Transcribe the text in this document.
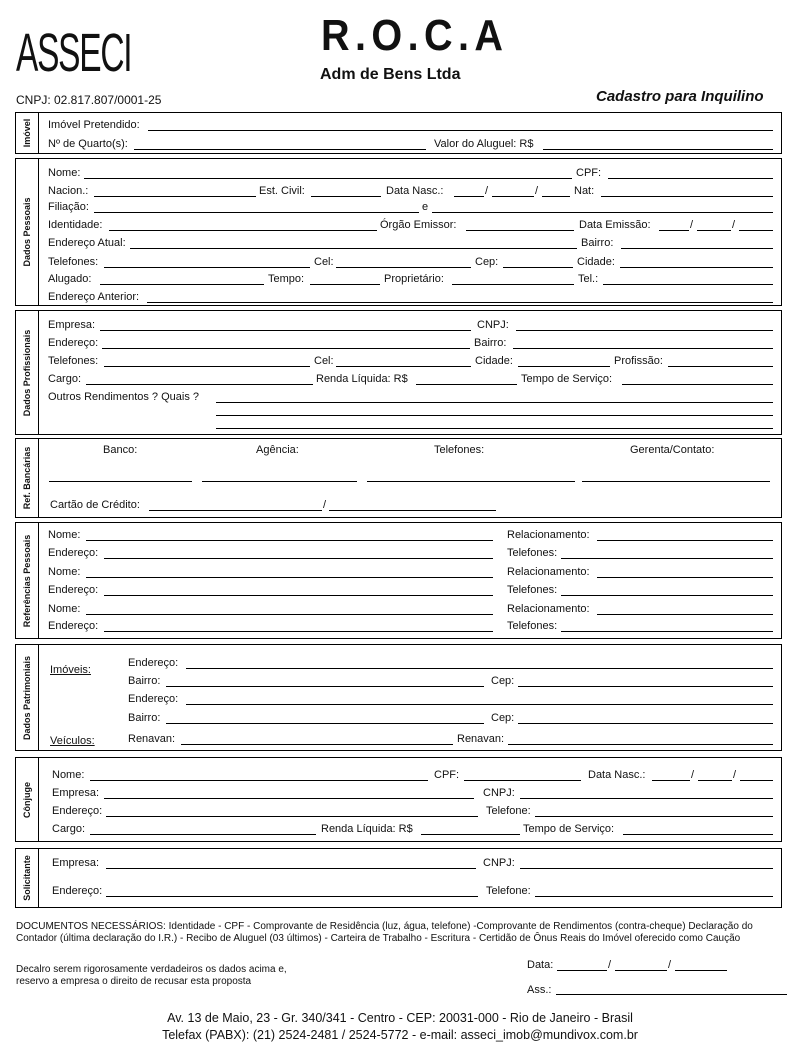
ASSECI
CNPJ: 02.817.807/0001-25
R.O.C.A
Adm de Bens Ltda
Cadastro para Inquilino
Imóvel Imóvel Pretendido:
Nº de Quarto(s):	Valor do Aluguel: R$
Dados Pessoais
Nome:	CPF:
Nacion.:	Est. Civil:	Data Nasc.:	/	/	Nat:
Filiação:	e
Identidade:	Órgão Emissor:	Data Emissão:	/	/
Endereço Atual:	Bairro:
Telefones:	Cel:	Cep:	Cidade:
Alugado:	Tempo:	Proprietário:	Tel.:
Endereço Anterior:
Dados Profissionais
Empresa:	CNPJ:
Endereço:	Bairro:
Telefones:	Cel:	Cidade:	Profissão:
Cargo:	Renda Líquida: R$	Tempo de Serviço:
Outros Rendimentos ? Quais ?
Ref. Bancárias	Banco:	Agência:	Telefones:	Gerenta/Contato:
Cartão de Crédito:	/
Referências Pessoais Nome:	Relacionamento:
Endereço:	Telefones:
Nome:	Relacionamento:
Endereço:	Telefones:
Nome:	Relacionamento:
Endereço:	Telefones:
Dados Patrimoniais Imóveis:
Veículos:
Endereço:
Bairro:	Cep:
Endereço:
Bairro:	Cep:
Renavan:	Renavan:
Cônjuge
Nome:	CPF:	Data Nasc.:	/	/
Empresa:	CNPJ:
Endereço:	Telefone:
Cargo:	Renda Líquida: R$	Tempo de Serviço:
Solicitante Empresa:	CNPJ:
Endereço:	Telefone:
DOCUMENTOS NECESSÁRIOS: Identidade - CPF - Comprovante de Residência (luz, água, telefone) -Comprovante de Rendimentos (contra-cheque) Declaração do Contador (última declaração do I.R.) - Recibo de Aluguel (03 últimos) - Carteira de Trabalho - Escritura - Certidão de Ônus Reais do Imóvel oferecido como Caução
Decalro serem rigorosamente verdadeiros os dados acima e, reservo a empresa o direito de recusar esta proposta
Data:	/	/
Ass.:
Av. 13 de Maio, 23 - Gr. 340/341 - Centro - CEP: 20031-000 - Rio de Janeiro - Brasil
Telefax (PABX): (21) 2524-2481 / 2524-5772 - e-mail: asseci_imob@mundivox.com.br
